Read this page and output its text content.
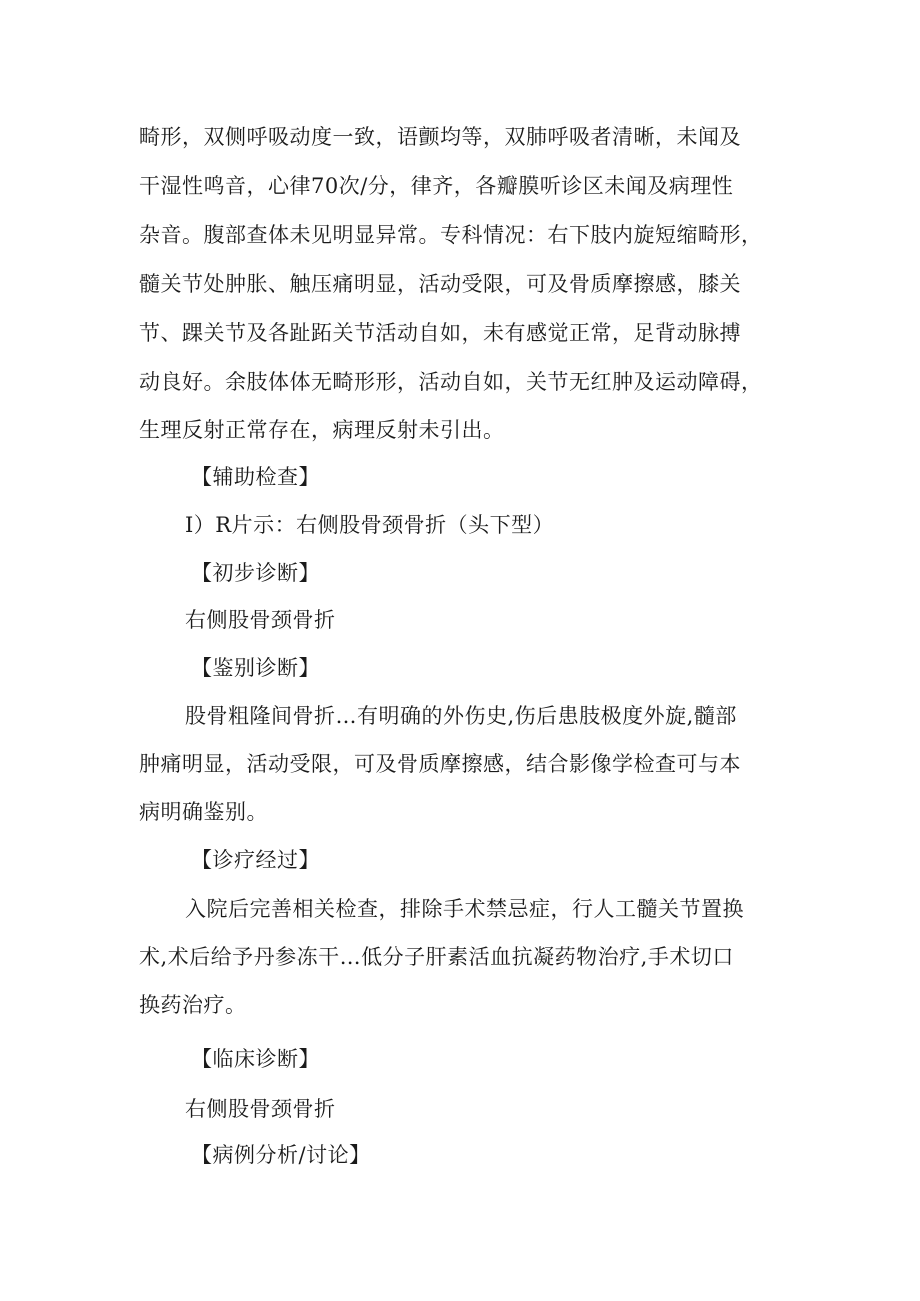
畸形，双侧呼吸动度一致，语颤均等，双肺呼吸者清晰，未闻及
干湿性鸣音，心律70次/分，律齐，各瓣膜听诊区未闻及病理性
杂音。腹部查体未见明显异常。专科情况：右下肢内旋短缩畸形，
髓关节处肿胀、触压痛明显，活动受限，可及骨质摩擦感，膝关
节、踝关节及各趾跖关节活动自如，未有感觉正常，足背动脉搏
动良好。余肢体体无畸形形，活动自如，关节无红肿及运动障碍，
生理反射正常存在，病理反射未引出。
【辅助检查】
I）R片示：右侧股骨颈骨折（头下型）
【初步诊断】
右侧股骨颈骨折
【鉴别诊断】
股骨粗隆间骨折…有明确的外伤史,伤后患肢极度外旋,髓部
肿痛明显，活动受限，可及骨质摩擦感，结合影像学检查可与本
病明确鉴别。
【诊疗经过】
入院后完善相关检查，排除手术禁忌症，行人工髓关节置换
术,术后给予丹参冻干…低分子肝素活血抗凝药物治疗,手术切口
换药治疗。
【临床诊断】
右侧股骨颈骨折
【病例分析/讨论】
